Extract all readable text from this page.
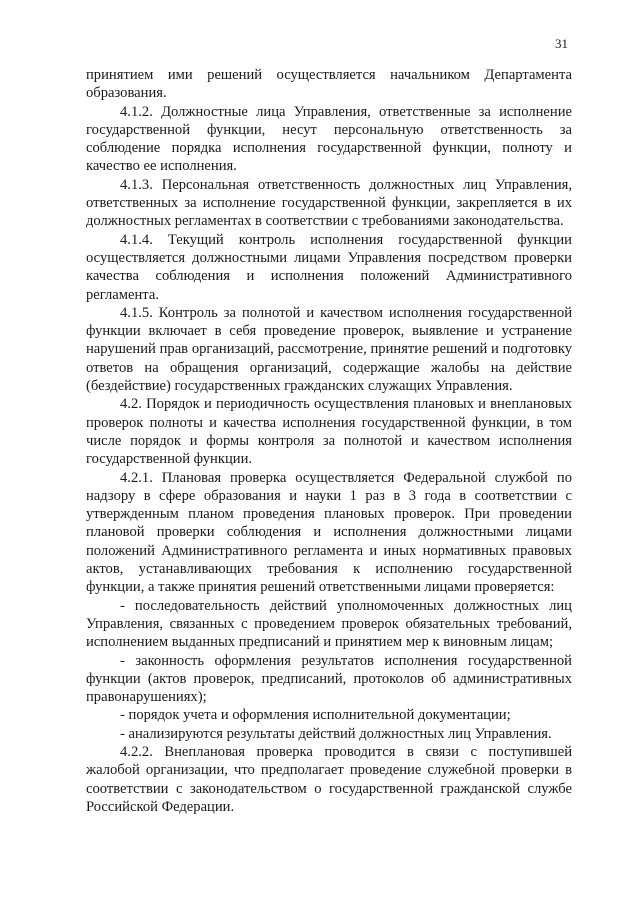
31

принятием ими решений осуществляется начальником Департамента образования.

4.1.2. Должностные лица Управления, ответственные за исполнение государственной функции, несут персональную ответственность за соблюдение порядка исполнения государственной функции, полноту и качество ее исполнения.

4.1.3. Персональная ответственность должностных лиц Управления, ответственных за исполнение государственной функции, закрепляется в их должностных регламентах в соответствии с требованиями законодательства.

4.1.4. Текущий контроль исполнения государственной функции осуществляется должностными лицами Управления посредством проверки качества соблюдения и исполнения положений Административного регламента.

4.1.5. Контроль за полнотой и качеством исполнения государственной функции включает в себя проведение проверок, выявление и устранение нарушений прав организаций, рассмотрение, принятие решений и подготовку ответов на обращения организаций, содержащие жалобы на действие (бездействие) государственных гражданских служащих Управления.

4.2. Порядок и периодичность осуществления плановых и внеплановых проверок полноты и качества исполнения государственной функции, в том числе порядок и формы контроля за полнотой и качеством исполнения государственной функции.

4.2.1. Плановая проверка осуществляется Федеральной службой по надзору в сфере образования и науки 1 раз в 3 года в соответствии с утвержденным планом проведения плановых проверок. При проведении плановой проверки соблюдения и исполнения должностными лицами положений Административного регламента и иных нормативных правовых актов, устанавливающих требования к исполнению государственной функции, а также принятия решений ответственными лицами проверяется:

- последовательность действий уполномоченных должностных лиц Управления, связанных с проведением проверок обязательных требований, исполнением выданных предписаний и принятием мер к виновным лицам;

- законность оформления результатов исполнения государственной функции (актов проверок, предписаний, протоколов об административных правонарушениях);

- порядок учета и оформления исполнительной документации;

- анализируются результаты действий должностных лиц Управления.

4.2.2. Внеплановая проверка проводится в связи с поступившей жалобой организации, что предполагает проведение служебной проверки в соответствии с законодательством о государственной гражданской службе Российской Федерации.
